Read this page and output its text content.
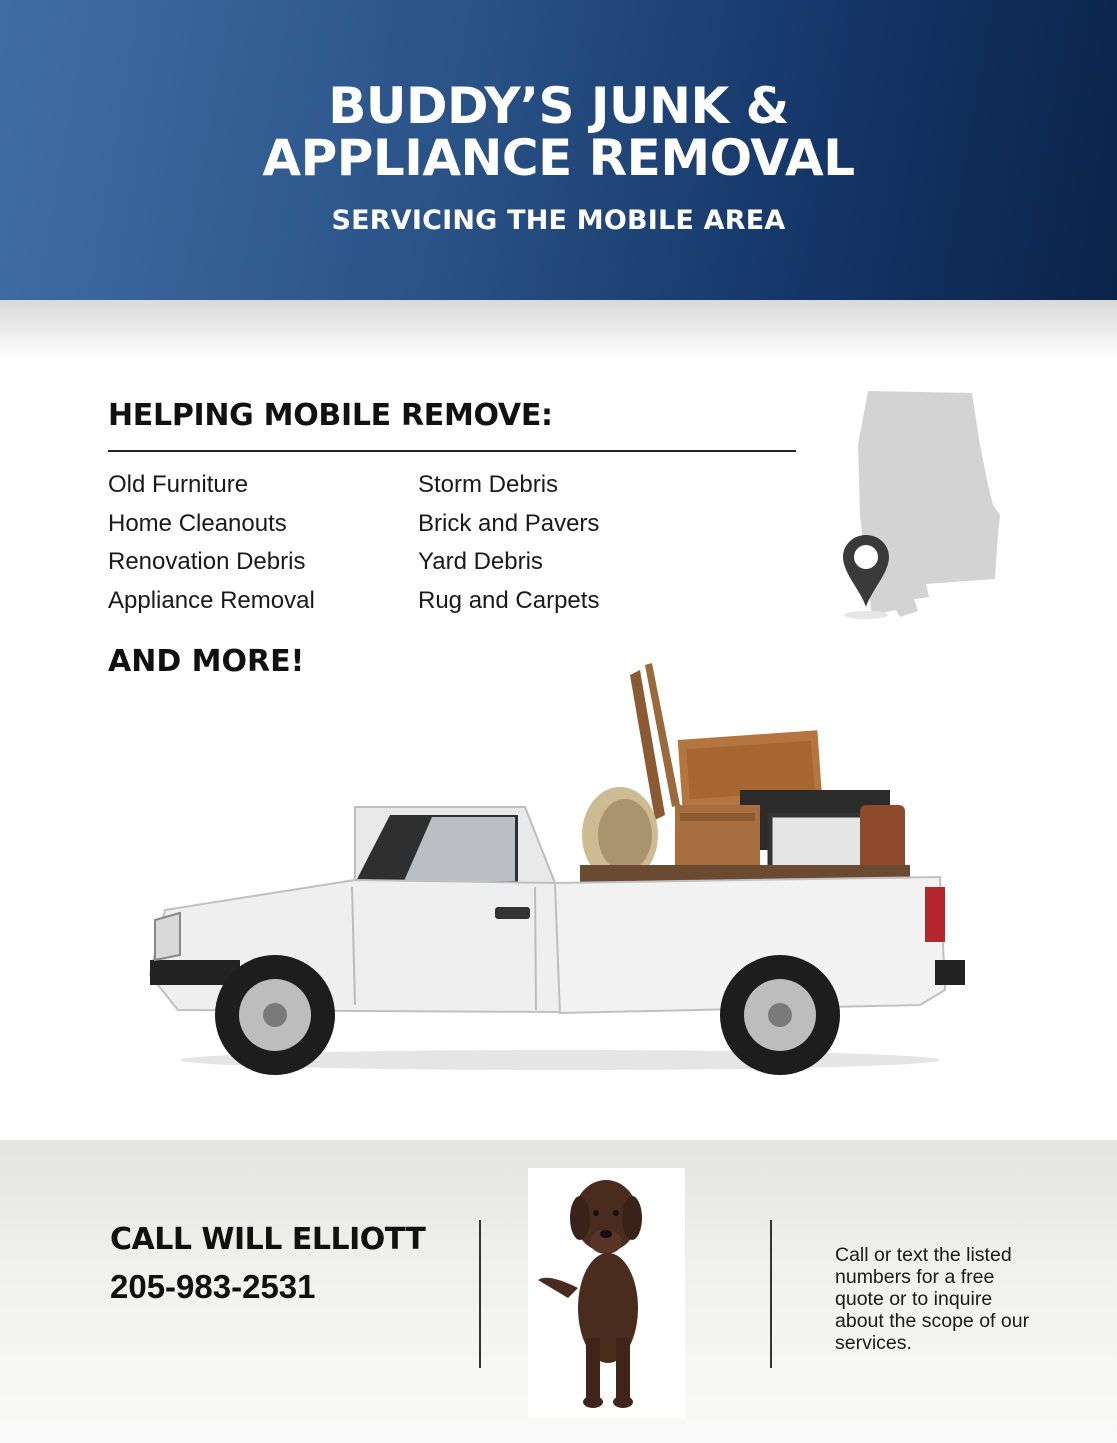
BUDDY’S JUNK &
APPLIANCE REMOVAL
SERVICING THE MOBILE AREA
HELPING MOBILE REMOVE:
Old Furniture
Home Cleanouts
Renovation Debris
Appliance Removal
Storm Debris
Brick and Pavers
Yard Debris
Rug and Carpets
AND MORE!
CALL WILL ELLIOTT
205-983-2531
Call or text the listed numbers for a free quote or to inquire about the scope of our services.
